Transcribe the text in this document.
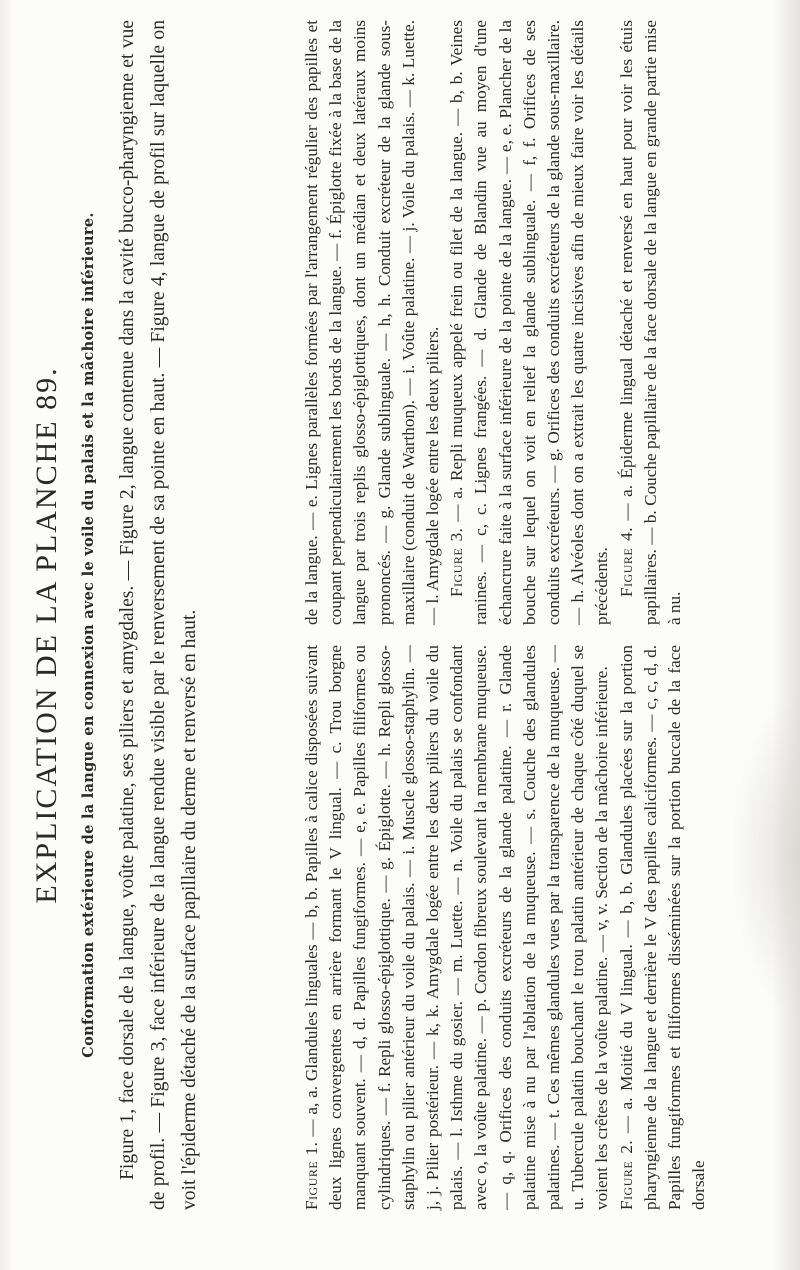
EXPLICATION DE LA PLANCHE 89. Conformation extérieure de la langue en connexion avec le voile du palais et la mâchoire inférieure. Figure 1, face dorsale de la langue, voûte palatine, ses piliers et amygdales. — Figure 2, langue contenue dans la cavité bucco-pharyngienne et vue de profil. — Figure 3, face inférieure de la langue rendue visible par le renversement de sa pointe en haut. — Figure 4, langue de profil sur laquelle on voit l'épiderme détaché de la surface papillaire du derme et renversé en haut.	Figure 1. — a, a. Glandules linguales — b, b. Papilles à calice disposées suivant deux lignes convergentes en arrière formant le V lingual. — c. Trou borgne manquant souvent. — d, d. Papilles fungiformes. — e, e. Papilles filiformes ou cylindriques. — f. Repli glosso-épiglottique. — g. Épiglotte. — h. Repli glosso-staphylin ou pilier antérieur du voile du palais. — i. Muscle glosso-staphylin. — j, j. Pilier postérieur. — k, k. Amygdale logée entre les deux piliers du voile du palais. — l. Isthme du gosier. — m. Luette. — n. Voile du palais se confondant avec o, la voûte palatine. — p. Cordon fibreux soulevant la membrane muqueuse. — q, q. Orifices des conduits excréteurs de la glande palatine. — r. Glande palatine mise à nu par l'ablation de la muqueuse. — s. Couche des glandules palatines. — t. Ces mêmes glandules vues par la transparence de la muqueuse. — u. Tubercule palatin bouchant le trou palatin antérieur de chaque côté duquel se voient les crêtes de la voûte palatine. — v, v. Section de la mâchoire inférieure. Figure 2. — a. Moitié du V lingual. — b, b. Glandules placées sur la portion pharyngienne de la langue et derrière le V des papilles caliciformes. — c, c, d, d. Papilles fungiformes et filiformes disséminées sur la portion buccale de la face dorsale

de la langue. — e. Lignes parallèles formées par l'arrangement régulier des papilles et coupant perpendiculairement les bords de la langue. — f. Épiglotte fixée à la base de la langue par trois replis glosso-épiglottiques, dont un médian et deux latéraux moins prononcés. — g. Glande sublinguale. — h, h. Conduit excréteur de la glande sous-maxillaire (conduit de Warthon). — i. Voûte palatine. — j. Voile du palais. — k. Luette. — l. Amygdale logée entre les deux piliers. Figure 3. — a. Repli muqueux appelé frein ou filet de la langue. — b, b. Veines ranines. — c, c. Lignes frangées. — d. Glande de Blandin vue au moyen d'une échancrure faite à la surface inférieure de la pointe de la langue. — e, e. Plancher de la bouche sur lequel on voit en relief la glande sublinguale. — f, f. Orifices de ses conduits excréteurs. — g. Orifices des conduits excréteurs de la glande sous-maxillaire. — h. Alvéoles dont on a extrait les quatre incisives afin de mieux faire voir les détails précédents. Figure 4. — a. Épiderme lingual détaché et renversé en haut pour voir les étuis papillaires. — b. Couche papillaire de la face dorsale de la langue en grande partie mise à nu.
